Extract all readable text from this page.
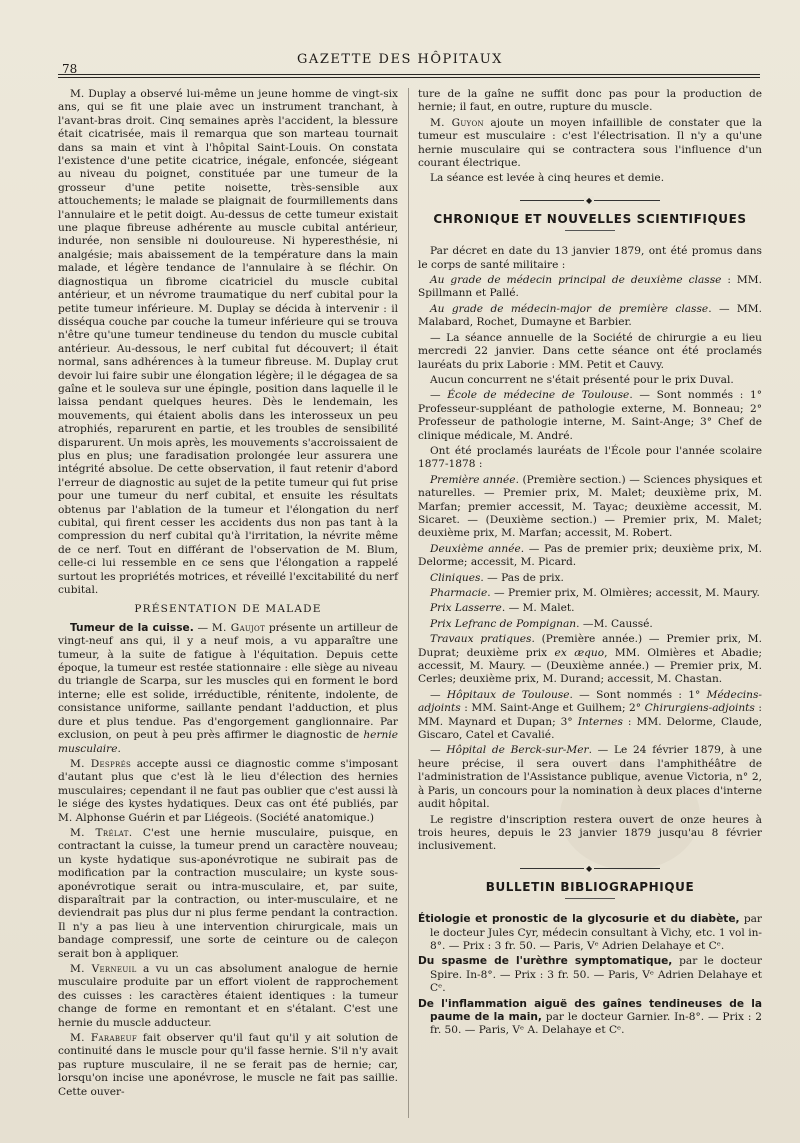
78
GAZETTE DES HÔPITAUX

M. Duplay a observé lui-même un jeune homme de vingt-six ans, qui se fit une plaie avec un instrument tranchant, à l'avant-bras droit. Cinq semaines après l'accident, la blessure était cicatrisée, mais il remarqua que son marteau tournait dans sa main et vint à l'hôpital Saint-Louis. On constata l'existence d'une petite cicatrice, inégale, enfoncée, siégeant au niveau du poignet, constituée par une tumeur de la grosseur d'une petite noisette, très-sensible aux attouchements; le malade se plaignait de fourmillements dans l'annulaire et le petit doigt. Au-dessus de cette tumeur existait une plaque fibreuse adhérente au muscle cubital antérieur, indurée, non sensible ni douloureuse. Ni hyperesthésie, ni analgésie; mais abaissement de la température dans la main malade, et légère tendance de l'annulaire à se fléchir. On diagnostiqua un fibrome cicatriciel du muscle cubital antérieur, et un névrome traumatique du nerf cubital pour la petite tumeur inférieure. M. Duplay se décida à intervenir : il disséqua couche par couche la tumeur inférieure qui se trouva n'être qu'une tumeur tendineuse du tendon du muscle cubital antérieur. Au-dessous, le nerf cubital fut découvert; il était normal, sans adhérences à la tumeur fibreuse. M. Duplay crut devoir lui faire subir une élongation légère; il le dégagea de sa gaîne et le souleva sur une épingle, position dans laquelle il le laissa pendant quelques heures. Dès le lendemain, les mouvements, qui étaient abolis dans les interosseux un peu atrophiés, reparurent en partie, et les troubles de sensibilité disparurent. Un mois après, les mouvements s'accroissaient de plus en plus; une faradisation prolongée leur assurera une intégrité absolue. De cette observation, il faut retenir d'abord l'erreur de diagnostic au sujet de la petite tumeur qui fut prise pour une tumeur du nerf cubital, et ensuite les résultats obtenus par l'ablation de la tumeur et l'élongation du nerf cubital, qui firent cesser les accidents dus non pas tant à la compression du nerf cubital qu'à l'irritation, la névrite même de ce nerf. Tout en différant de l'observation de M. Blum, celle-ci lui ressemble en ce sens que l'élongation a rappelé surtout les propriétés motrices, et réveillé l'excitabilité du nerf cubital.

PRÉSENTATION DE MALADE

Tumeur de la cuisse. — M. Gaujot présente un artilleur de vingt-neuf ans qui, il y a neuf mois, a vu apparaître une tumeur, à la suite de fatigue à l'équitation. Depuis cette époque, la tumeur est restée stationnaire : elle siège au niveau du triangle de Scarpa, sur les muscles qui en forment le bord interne; elle est solide, irréductible, rénitente, indolente, de consistance uniforme, saillante pendant l'adduction, et plus dure et plus tendue. Pas d'engorgement ganglionnaire. Par exclusion, on peut à peu près affirmer le diagnostic de hernie musculaire.

M. Després accepte aussi ce diagnostic comme s'imposant d'autant plus que c'est là le lieu d'élection des hernies musculaires; cependant il ne faut pas oublier que c'est aussi là le siége des kystes hydatiques. Deux cas ont été publiés, par M. Alphonse Guérin et par Liégeois. (Société anatomique.)

M. Trélat. C'est une hernie musculaire, puisque, en contractant la cuisse, la tumeur prend un caractère nouveau; un kyste hydatique sus-aponévrotique ne subirait pas de modification par la contraction musculaire; un kyste sous-aponévrotique serait ou intra-musculaire, et, par suite, disparaîtrait par la contraction, ou inter-musculaire, et ne deviendrait pas plus dur ni plus ferme pendant la contraction. Il n'y a pas lieu à une intervention chirurgicale, mais un bandage compressif, une sorte de ceinture ou de caleçon serait bon à appliquer.

M. Verneuil a vu un cas absolument analogue de hernie musculaire produite par un effort violent de rapprochement des cuisses : les caractères étaient identiques : la tumeur change de forme en remontant et en s'étalant. C'est une hernie du muscle adducteur.

M. Farabeuf fait observer qu'il faut qu'il y ait solution de continuité dans le muscle pour qu'il fasse hernie. S'il n'y avait pas rupture musculaire, il ne se ferait pas de hernie; car, lorsqu'on incise une aponévrose, le muscle ne fait pas saillie. Cette ouver-

ture de la gaîne ne suffit donc pas pour la production de hernie; il faut, en outre, rupture du muscle.

M. Guyon ajoute un moyen infaillible de constater que la tumeur est musculaire : c'est l'électrisation. Il n'y a qu'une hernie musculaire qui se contractera sous l'influence d'un courant électrique.

La séance est levée à cinq heures et demie.

◆
CHRONIQUE ET NOUVELLES SCIENTIFIQUES

Par décret en date du 13 janvier 1879, ont été promus dans le corps de santé militaire :

Au grade de médecin principal de deuxième classe : MM. Spillmann et Pallé.

Au grade de médecin-major de première classe. — MM. Malabard, Rochet, Dumayne et Barbier.

— La séance annuelle de la Société de chirurgie a eu lieu mercredi 22 janvier. Dans cette séance ont été proclamés lauréats du prix Laborie : MM. Petit et Cauvy.

Aucun concurrent ne s'était présenté pour le prix Duval.

— École de médecine de Toulouse. — Sont nommés : 1° Professeur-suppléant de pathologie externe, M. Bonneau; 2° Professeur de pathologie interne, M. Saint-Ange; 3° Chef de clinique médicale, M. André.

Ont été proclamés lauréats de l'École pour l'année scolaire 1877-1878 :

Première année. (Première section.) — Sciences physiques et naturelles. — Premier prix, M. Malet; deuxième prix, M. Marfan; premier accessit, M. Tayac; deuxième accessit, M. Sicaret. — (Deuxième section.) — Premier prix, M. Malet; deuxième prix, M. Marfan; accessit, M. Robert.

Deuxième année. — Pas de premier prix; deuxième prix, M. Delorme; accessit, M. Picard.

Cliniques. — Pas de prix.

Pharmacie. — Premier prix, M. Olmières; accessit, M. Maury.

Prix Lasserre. — M. Malet.

Prix Lefranc de Pompignan. —M. Caussé.

Travaux pratiques. (Première année.) — Premier prix, M. Duprat; deuxième prix ex æquo, MM. Olmières et Abadie; accessit, M. Maury. — (Deuxième année.) — Premier prix, M. Cerles; deuxième prix, M. Durand; accessit, M. Chastan.

— Hôpitaux de Toulouse. — Sont nommés : 1° Médecins-adjoints : MM. Saint-Ange et Guilhem; 2° Chirurgiens-adjoints : MM. Maynard et Dupan; 3° Internes : MM. Delorme, Claude, Giscaro, Catel et Cavalié.

— Hôpital de Berck-sur-Mer. — Le 24 février 1879, à une heure précise, il sera ouvert dans l'amphithéâtre de l'administration de l'Assistance publique, avenue Victoria, n° 2, à Paris, un concours pour la nomination à deux places d'interne audit hôpital.

Le registre d'inscription restera ouvert de onze heures à trois heures, depuis le 23 janvier 1879 jusqu'au 8 février inclusivement.

◆
BULLETIN BIBLIOGRAPHIQUE

Étiologie et pronostic de la glycosurie et du diabète, par le docteur Jules Cyr, médecin consultant à Vichy, etc. 1 vol in-8°. — Prix : 3 fr. 50. — Paris, Vᵉ Adrien Delahaye et Cᵉ.

Du spasme de l'urèthre symptomatique, par le docteur Spire. In-8°. — Prix : 3 fr. 50. — Paris, Vᵉ Adrien Delahaye et Cᵉ.

De l'inflammation aiguë des gaînes tendineuses de la paume de la main, par le docteur Garnier. In-8°. — Prix : 2 fr. 50. — Paris, Vᵉ A. Delahaye et Cᵉ.
